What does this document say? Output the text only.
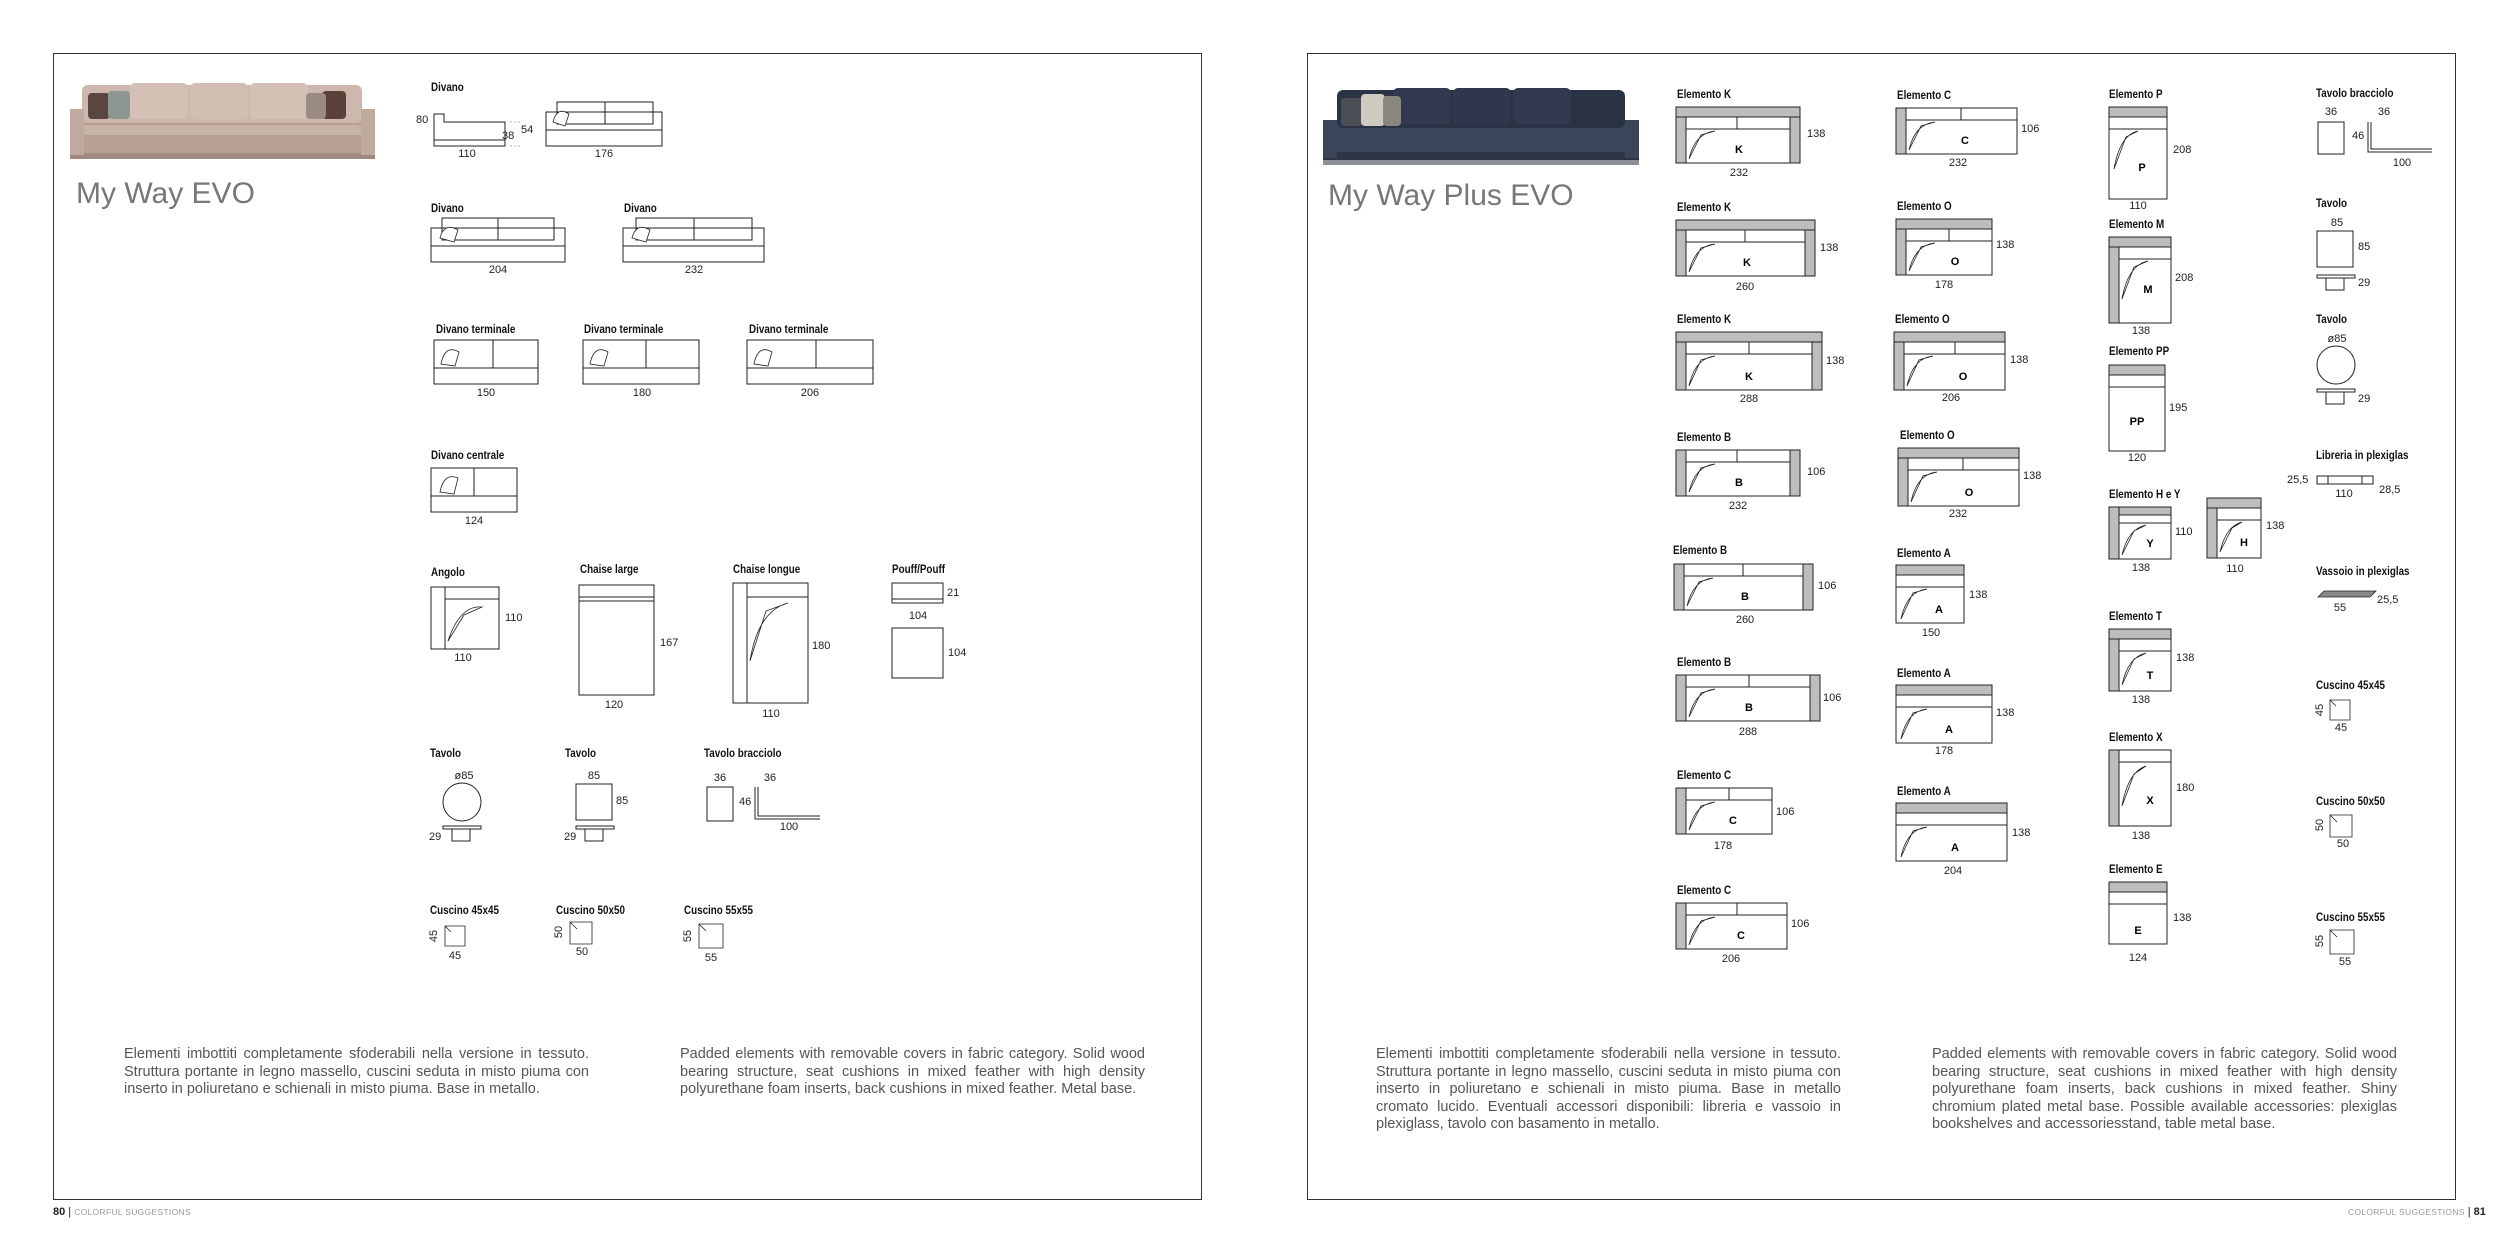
My Way EVO
Divano
80
110
38 54
176
Divano
204
Divano
232
Divano terminale
150
Divano terminale
180
Divano terminale
206
Divano centrale
124
Angolo
110
110
Chaise large
167
120
Chaise longue
180
110
Pouff/Pouff
21
104
104
Tavolo
ø85
29
Tavolo
85
85
29
Tavolo bracciolo
36	36
46
100
Cuscino 45x45
45
45
Cuscino 50x50
50
50
Cuscino 55x55
55
55
Elementi imbottiti completamente sfoderabili nella versione in tessuto. Struttura portante in legno massello, cuscini seduta in misto piuma con inserto in poliuretano e schienali in misto piuma. Base in metallo.
Padded elements with removable covers in fabric category. Solid wood bearing structure, seat cushions in mixed feather with high density polyurethane foam inserts, back cushions in mixed feather. Metal base.
80 | COLORFUL SUGGESTIONS
My Way Plus EVO
Elemento K
K
138
232
Elemento K
K
138
260
Elemento K
K
138
288
Elemento B
B
106
232
Elemento B
B
106
260
Elemento B
B
106
288
Elemento C
C
106
178
Elemento C
C
106
206
Elemento C
C
106
232
Elemento O
O
138
178
Elemento O
O
138
206
Elemento O
O
138
232
Elemento A
A
138
150
Elemento A
A
138
178
Elemento A
A
138
204
Elemento P
P
208
110
Elemento M
M
208
138
Elemento PP
PP
195
120
Elemento H e Y
Y
110
138
H
138
110
Elemento T
T
138
138
Elemento X
X
180
138
Elemento E
E
138
124
Tavolo bracciolo
36	36
46
100
Tavolo
85
85
29
Tavolo
ø85
29
Libreria in plexiglas
25,5
110 28,5
Vassoio in plexiglas
55
25,5
Cuscino 45x45
45
45
Cuscino 50x50
50
50
Cuscino 55x55
55
55
Elementi imbottiti completamente sfoderabili nella versione in tessuto. Struttura portante in legno massello, cuscini seduta in misto piuma con inserto in poliuretano e schienali in misto piuma. Base in metallo cromato lucido. Eventuali accessori disponibili: libreria e vassoio in plexiglass, tavolo con basamento in metallo.
Padded elements with removable covers in fabric category. Solid wood bearing structure, seat cushions in mixed feather with high density polyurethane foam inserts, back cushions in mixed feather. Shiny chromium plated metal base. Possible available accessories: plexiglas bookshelves and accessoriesstand, table metal base.
COLORFUL SUGGESTIONS | 81
